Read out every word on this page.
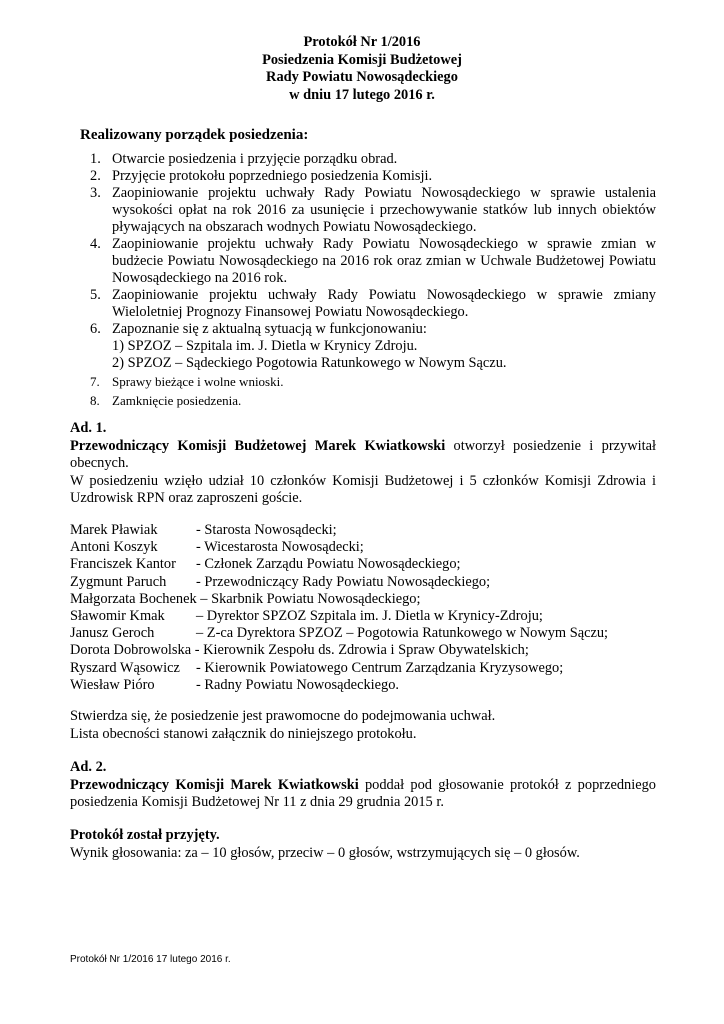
Protokół Nr 1/2016
Posiedzenia Komisji Budżetowej
Rady Powiatu Nowosądeckiego
w dniu 17 lutego 2016 r.
Realizowany porządek posiedzenia:
1. Otwarcie posiedzenia i przyjęcie porządku obrad.
2. Przyjęcie protokołu poprzedniego posiedzenia Komisji.
3. Zaopiniowanie projektu uchwały Rady Powiatu Nowosądeckiego w sprawie ustalenia wysokości opłat na rok 2016 za usunięcie i przechowywanie statków lub innych obiektów pływających na obszarach wodnych Powiatu Nowosądeckiego.
4. Zaopiniowanie projektu uchwały Rady Powiatu Nowosądeckiego w sprawie zmian w budżecie Powiatu Nowosądeckiego na 2016 rok oraz zmian w Uchwale Budżetowej Powiatu Nowosądeckiego na 2016 rok.
5. Zaopiniowanie projektu uchwały Rady Powiatu Nowosądeckiego w sprawie zmiany Wieloletniej Prognozy Finansowej Powiatu Nowosądeckiego.
6. Zapoznanie się z aktualną sytuacją w funkcjonowaniu:
1) SPZOZ – Szpitala im. J. Dietla w Krynicy Zdroju.
2) SPZOZ – Sądeckiego Pogotowia Ratunkowego w Nowym Sączu.
7. Sprawy bieżące i wolne wnioski.
8. Zamknięcie posiedzenia.
Ad. 1.
Przewodniczący Komisji Budżetowej Marek Kwiatkowski otworzył posiedzenie i przywitał obecnych.
W posiedzeniu wzięło udział 10 członków Komisji Budżetowej i 5 członków Komisji Zdrowia i Uzdrowisk RPN oraz zaproszeni goście.
Marek Pławiak	- Starosta Nowosądecki;
Antoni Koszyk	- Wicestarosta Nowosądecki;
Franciszek Kantor - Członek Zarządu Powiatu Nowosądeckiego;
Zygmunt Paruch - Przewodniczący Rady Powiatu Nowosądeckiego;
Małgorzata Bochenek – Skarbnik Powiatu Nowosądeckiego;
Sławomir Kmak – Dyrektor SPZOZ Szpitala im. J. Dietla w Krynicy-Zdroju;
Janusz Geroch	– Z-ca Dyrektora SPZOZ – Pogotowia Ratunkowego w Nowym Sączu;
Dorota Dobrowolska - Kierownik Zespołu ds. Zdrowia i Spraw Obywatelskich;
Ryszard Wąsowicz - Kierownik Powiatowego Centrum Zarządzania Kryzysowego;
Wiesław Pióro	- Radny Powiatu Nowosądeckiego.
Stwierdza się, że posiedzenie jest prawomocne do podejmowania uchwał.
Lista obecności stanowi załącznik do niniejszego protokołu.
Ad. 2.
Przewodniczący Komisji Marek Kwiatkowski poddał pod głosowanie protokół z poprzedniego posiedzenia Komisji Budżetowej Nr 11 z dnia 29 grudnia 2015 r.
Protokół został przyjęty.
Wynik głosowania: za – 10 głosów, przeciw – 0 głosów, wstrzymujących się – 0 głosów.
Protokół Nr 1/2016 17 lutego 2016 r.
